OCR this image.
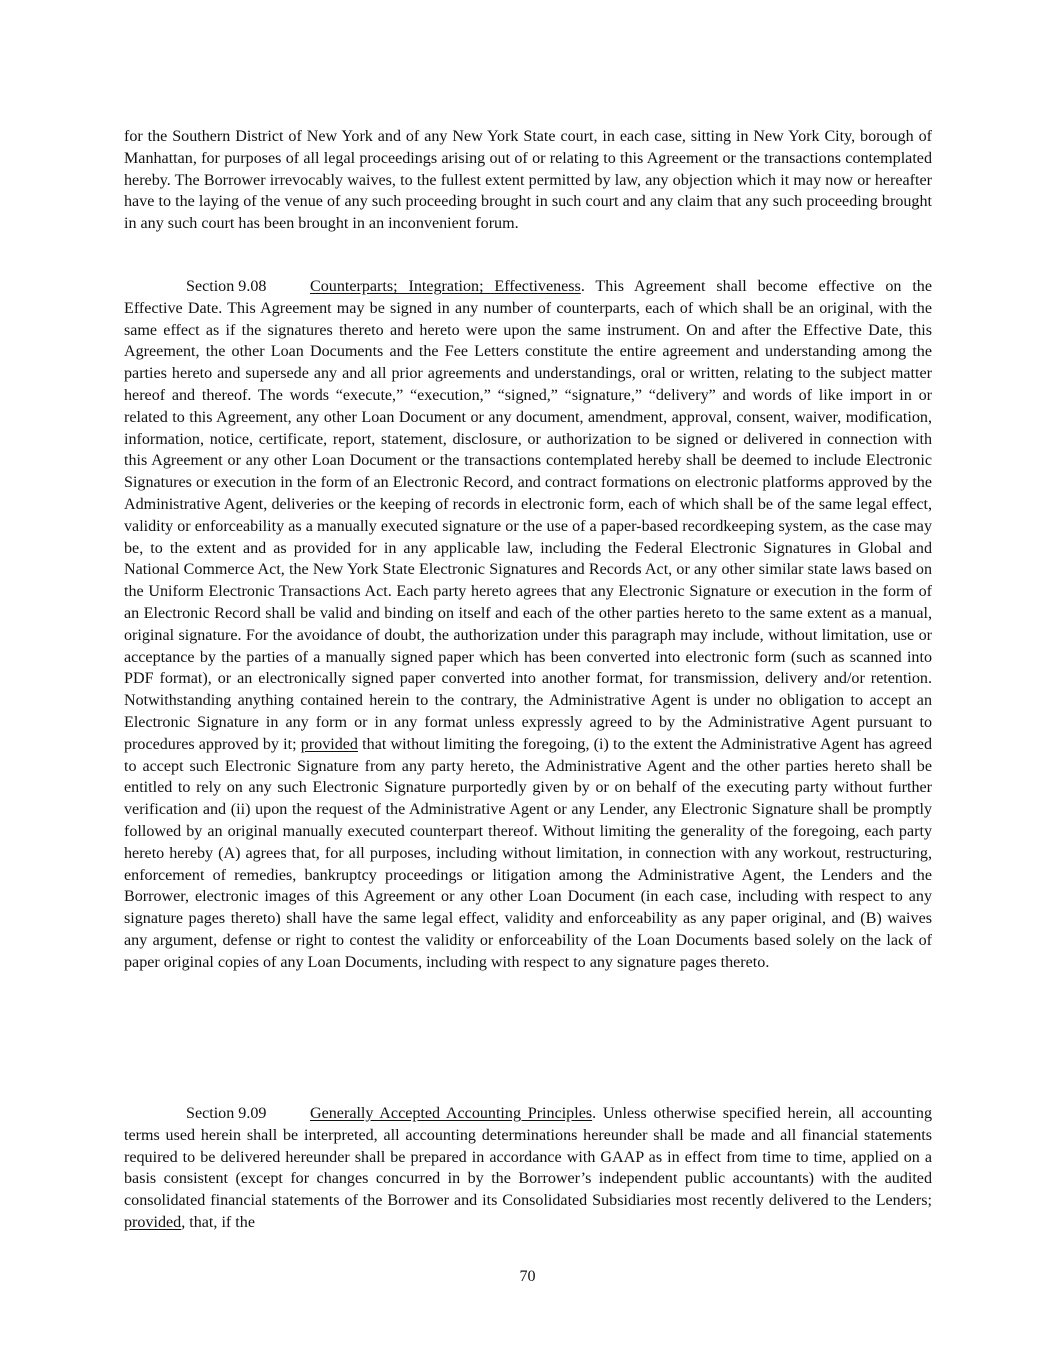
for the Southern District of New York and of any New York State court, in each case, sitting in New York City, borough of Manhattan, for purposes of all legal proceedings arising out of or relating to this Agreement or the transactions contemplated hereby. The Borrower irrevocably waives, to the fullest extent permitted by law, any objection which it may now or hereafter have to the laying of the venue of any such proceeding brought in such court and any claim that any such proceeding brought in any such court has been brought in an inconvenient forum.

Section 9.08	Counterparts; Integration; Effectiveness. This Agreement shall become effective on the Effective Date. This Agreement may be signed in any number of counterparts, each of which shall be an original, with the same effect as if the signatures thereto and hereto were upon the same instrument. On and after the Effective Date, this Agreement, the other Loan Documents and the Fee Letters constitute the entire agreement and understanding among the parties hereto and supersede any and all prior agreements and understandings, oral or written, relating to the subject matter hereof and thereof. The words “execute,” “execution,” “signed,” “signature,” “delivery” and words of like import in or related to this Agreement, any other Loan Document or any document, amendment, approval, consent, waiver, modification, information, notice, certificate, report, statement, disclosure, or authorization to be signed or delivered in connection with this Agreement or any other Loan Document or the transactions contemplated hereby shall be deemed to include Electronic Signatures or execution in the form of an Electronic Record, and contract formations on electronic platforms approved by the Administrative Agent, deliveries or the keeping of records in electronic form, each of which shall be of the same legal effect, validity or enforceability as a manually executed signature or the use of a paper-based recordkeeping system, as the case may be, to the extent and as provided for in any applicable law, including the Federal Electronic Signatures in Global and National Commerce Act, the New York State Electronic Signatures and Records Act, or any other similar state laws based on the Uniform Electronic Transactions Act. Each party hereto agrees that any Electronic Signature or execution in the form of an Electronic Record shall be valid and binding on itself and each of the other parties hereto to the same extent as a manual, original signature. For the avoidance of doubt, the authorization under this paragraph may include, without limitation, use or acceptance by the parties of a manually signed paper which has been converted into electronic form (such as scanned into PDF format), or an electronically signed paper converted into another format, for transmission, delivery and/or retention. Notwithstanding anything contained herein to the contrary, the Administrative Agent is under no obligation to accept an Electronic Signature in any form or in any format unless expressly agreed to by the Administrative Agent pursuant to procedures approved by it; provided that without limiting the foregoing, (i) to the extent the Administrative Agent has agreed to accept such Electronic Signature from any party hereto, the Administrative Agent and the other parties hereto shall be entitled to rely on any such Electronic Signature purportedly given by or on behalf of the executing party without further verification and (ii) upon the request of the Administrative Agent or any Lender, any Electronic Signature shall be promptly followed by an original manually executed counterpart thereof. Without limiting the generality of the foregoing, each party hereto hereby (A) agrees that, for all purposes, including without limitation, in connection with any workout, restructuring, enforcement of remedies, bankruptcy proceedings or litigation among the Administrative Agent, the Lenders and the Borrower, electronic images of this Agreement or any other Loan Document (in each case, including with respect to any signature pages thereto) shall have the same legal effect, validity and enforceability as any paper original, and (B) waives any argument, defense or right to contest the validity or enforceability of the Loan Documents based solely on the lack of paper original copies of any Loan Documents, including with respect to any signature pages thereto.

Section 9.09	Generally Accepted Accounting Principles. Unless otherwise specified herein, all accounting terms used herein shall be interpreted, all accounting determinations hereunder shall be made and all financial statements required to be delivered hereunder shall be prepared in accordance with GAAP as in effect from time to time, applied on a basis consistent (except for changes concurred in by the Borrower’s independent public accountants) with the audited consolidated financial statements of the Borrower and its Consolidated Subsidiaries most recently delivered to the Lenders; provided, that, if the

70
